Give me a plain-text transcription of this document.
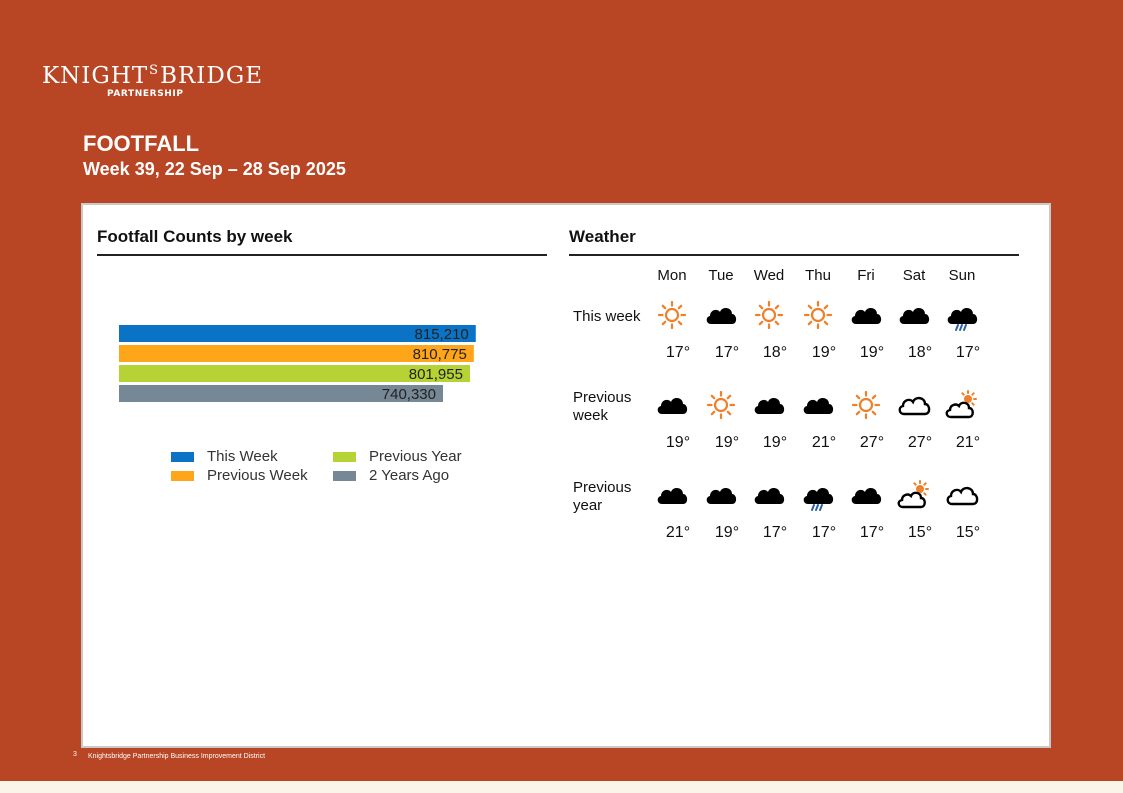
$KNIGHT^SBRIDGE$
PARTNERSHIP
FOOTFALL
Week 39, 22 Sep – 28 Sep 2025
Footfall Counts by week
815,210
810,775
801,955
740,330
This Week
Previous Week
Previous Year
2 Years Ago
Weather
Mon	Tue	Wed	Thu	Fri	Sat	Sun
This week
17°	17°	18°	19°	19°	18°	17°
Previous week
19°	19°	19°	21°	27°	27°	21°
Previous year
21°	19°	17°	17°	17°	15°	15°
3 Knightsbridge Partnership Business Improvement District
